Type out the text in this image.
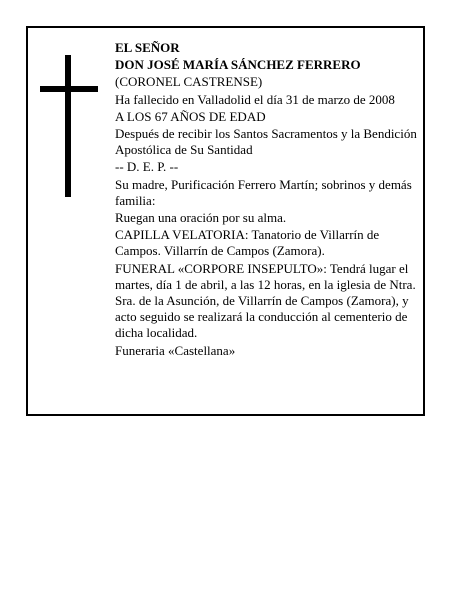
EL SEÑOR

DON JOSÉ MARÍA SÁNCHEZ FERRERO

(CORONEL CASTRENSE)

Ha fallecido en Valladolid el día 31 de marzo de 2008

A LOS 67 AÑOS DE EDAD

Después de recibir los Santos Sacramentos y la Bendición Apostólica de Su Santidad

-- D. E. P. --

Su madre, Purificación Ferrero Martín; sobrinos y demás familia:

Ruegan una oración por su alma.

CAPILLA VELATORIA: Tanatorio de Villarrín de Campos. Villarrín de Campos (Zamora).

FUNERAL «CORPORE INSEPULTO»: Tendrá lugar el martes, día 1 de abril, a las 12 horas, en la iglesia de Ntra. Sra. de la Asunción, de Villarrín de Campos (Zamora), y acto seguido se realizará la conducción al cementerio de dicha localidad.

Funeraria «Castellana»
